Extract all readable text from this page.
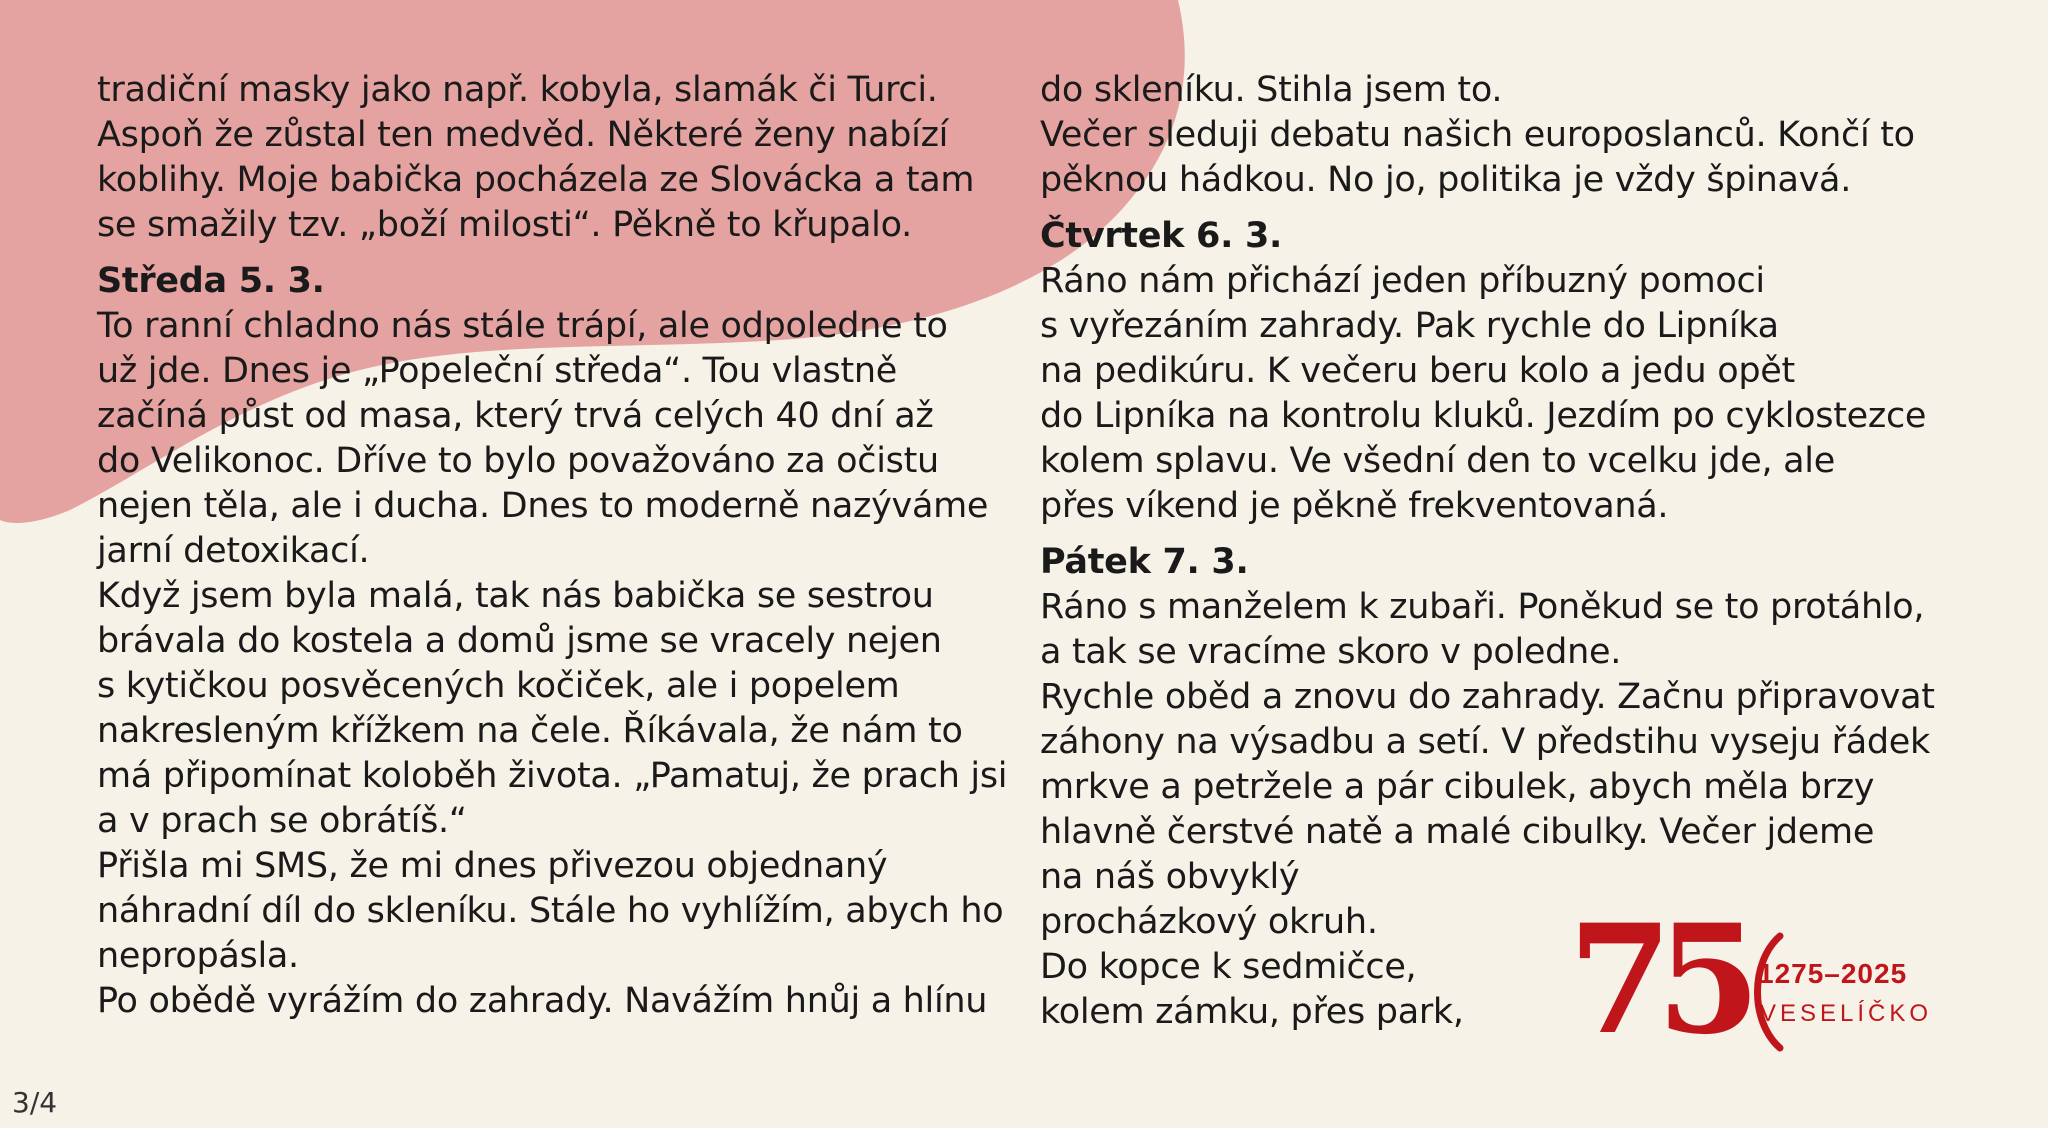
tradiční masky jako např. kobyla, slamák či Turci.
Aspoň že zůstal ten medvěd. Některé ženy nabízí
koblihy. Moje babička pocházela ze Slovácka a tam
se smažily tzv. „boží milosti“. Pěkně to křupalo.
Středa 5. 3.
To ranní chladno nás stále trápí, ale odpoledne to
už jde. Dnes je „Popeleční středa“. Tou vlastně
začíná půst od masa, který trvá celých 40 dní až
do Velikonoc. Dříve to bylo považováno za očistu
nejen těla, ale i ducha. Dnes to moderně nazýváme
jarní detoxikací.
Když jsem byla malá, tak nás babička se sestrou
brávala do kostela a domů jsme se vracely nejen
s kytičkou posvěcených kočiček, ale i popelem
nakresleným křížkem na čele. Říkávala, že nám to
má připomínat koloběh života. „Pamatuj, že prach jsi
a v prach se obrátíš.“
Přišla mi SMS, že mi dnes přivezou objednaný
náhradní díl do skleníku. Stále ho vyhlížím, abych ho
nepropásla.
Po obědě vyrážím do zahrady. Navážím hnůj a hlínu
do skleníku. Stihla jsem to.
Večer sleduji debatu našich europoslanců. Končí to
pěknou hádkou. No jo, politika je vždy špinavá.
Čtvrtek 6. 3.
Ráno nám přichází jeden příbuzný pomoci
s vyřezáním zahrady. Pak rychle do Lipníka
na pedikúru. K večeru beru kolo a jedu opět
do Lipníka na kontrolu kluků. Jezdím po cyklostezce
kolem splavu. Ve všední den to vcelku jde, ale
přes víkend je pěkně frekventovaná.
Pátek 7. 3.
Ráno s manželem k zubaři. Poněkud se to protáhlo,
a tak se vracíme skoro v poledne.
Rychle oběd a znovu do zahrady. Začnu připravovat
záhony na výsadbu a setí. V předstihu vyseju řádek
mrkve a petržele a pár cibulek, abych měla brzy
hlavně čerstvé natě a malé cibulky. Večer jdeme
na náš obvyklý
procházkový okruh.
Do kopce k sedmičce,
kolem zámku, přes park, 75 1275–2025
VESELÍČKO
3/4
